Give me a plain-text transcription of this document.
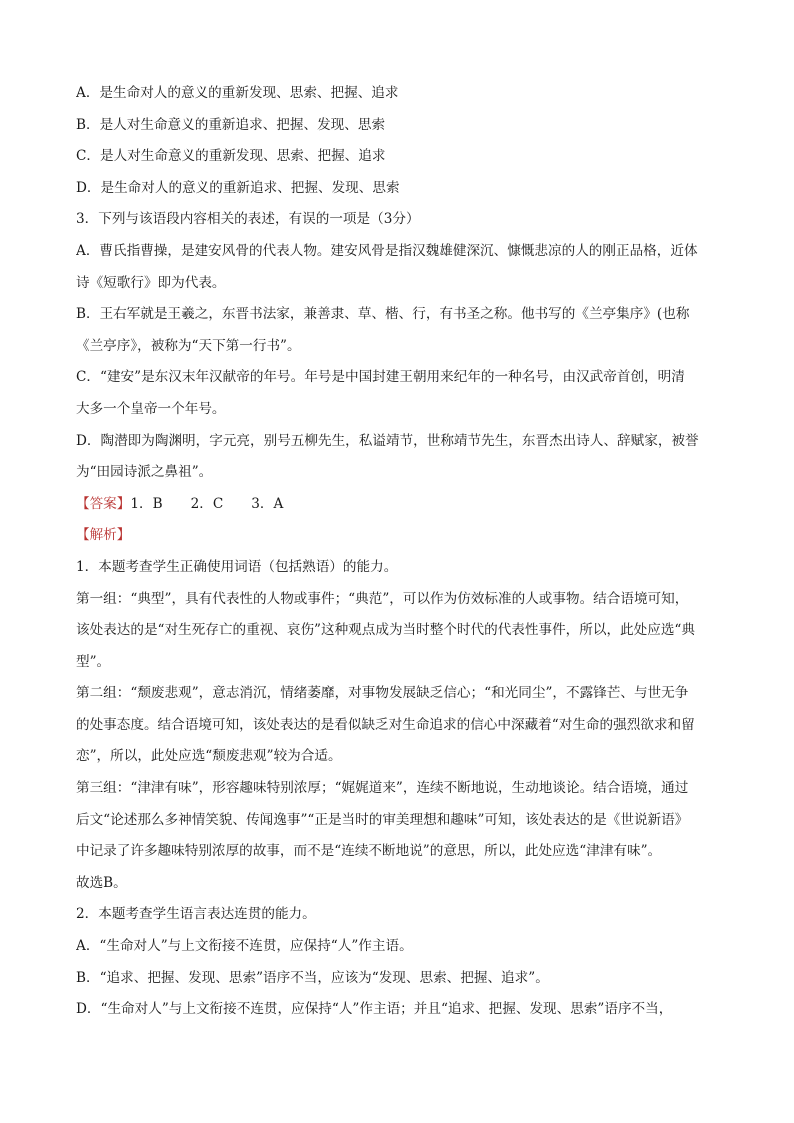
A．是生命对人的意义的重新发现、思索、把握、追求
B．是人对生命意义的重新追求、把握、发现、思索
C．是人对生命意义的重新发现、思索、把握、追求
D．是生命对人的意义的重新追求、把握、发现、思索
3．下列与该语段内容相关的表述，有误的一项是（3分）
A．曹氏指曹操，是建安风骨的代表人物。建安风骨是指汉魏雄健深沉、慷慨悲凉的人的刚正品格，近体
诗《短歌行》即为代表。
B．王右军就是王羲之，东晋书法家，兼善隶、草、楷、行，有书圣之称。他书写的《兰亭集序》(也称
《兰亭序》，被称为“天下第一行书”。
C．“建安”是东汉末年汉献帝的年号。年号是中国封建王朝用来纪年的一种名号，由汉武帝首创，明清
大多一个皇帝一个年号。
D．陶潜即为陶渊明，字元亮，别号五柳先生，私谥靖节，世称靖节先生，东晋杰出诗人、辞赋家，被誉
为“田园诗派之鼻祖”。
【答案】1．B 2．C 3．A
【解析】
1．本题考查学生正确使用词语（包括熟语）的能力。
第一组：“典型”，具有代表性的人物或事件；“典范”，可以作为仿效标准的人或事物。结合语境可知，
该处表达的是“对生死存亡的重视、哀伤”这种观点成为当时整个时代的代表性事件，所以，此处应选“典
型”。
第二组：“颓废悲观”，意志消沉，情绪萎靡，对事物发展缺乏信心；“和光同尘”，不露锋芒、与世无争
的处事态度。结合语境可知，该处表达的是看似缺乏对生命追求的信心中深藏着“对生命的强烈欲求和留
恋”，所以，此处应选“颓废悲观”较为合适。
第三组：“津津有味”，形容趣味特别浓厚；“娓娓道来”，连续不断地说，生动地谈论。结合语境，通过
后文“论述那么多神情笑貌、传闻逸事”“正是当时的审美理想和趣味”可知，该处表达的是《世说新语》
中记录了许多趣味特别浓厚的故事，而不是“连续不断地说”的意思，所以，此处应选“津津有味”。
故选B。
2．本题考查学生语言表达连贯的能力。
A．“生命对人”与上文衔接不连贯，应保持“人”作主语。
B．“追求、把握、发现、思索”语序不当，应该为“发现、思索、把握、追求”。
D．“生命对人”与上文衔接不连贯，应保持“人”作主语；并且“追求、把握、发现、思索”语序不当，
